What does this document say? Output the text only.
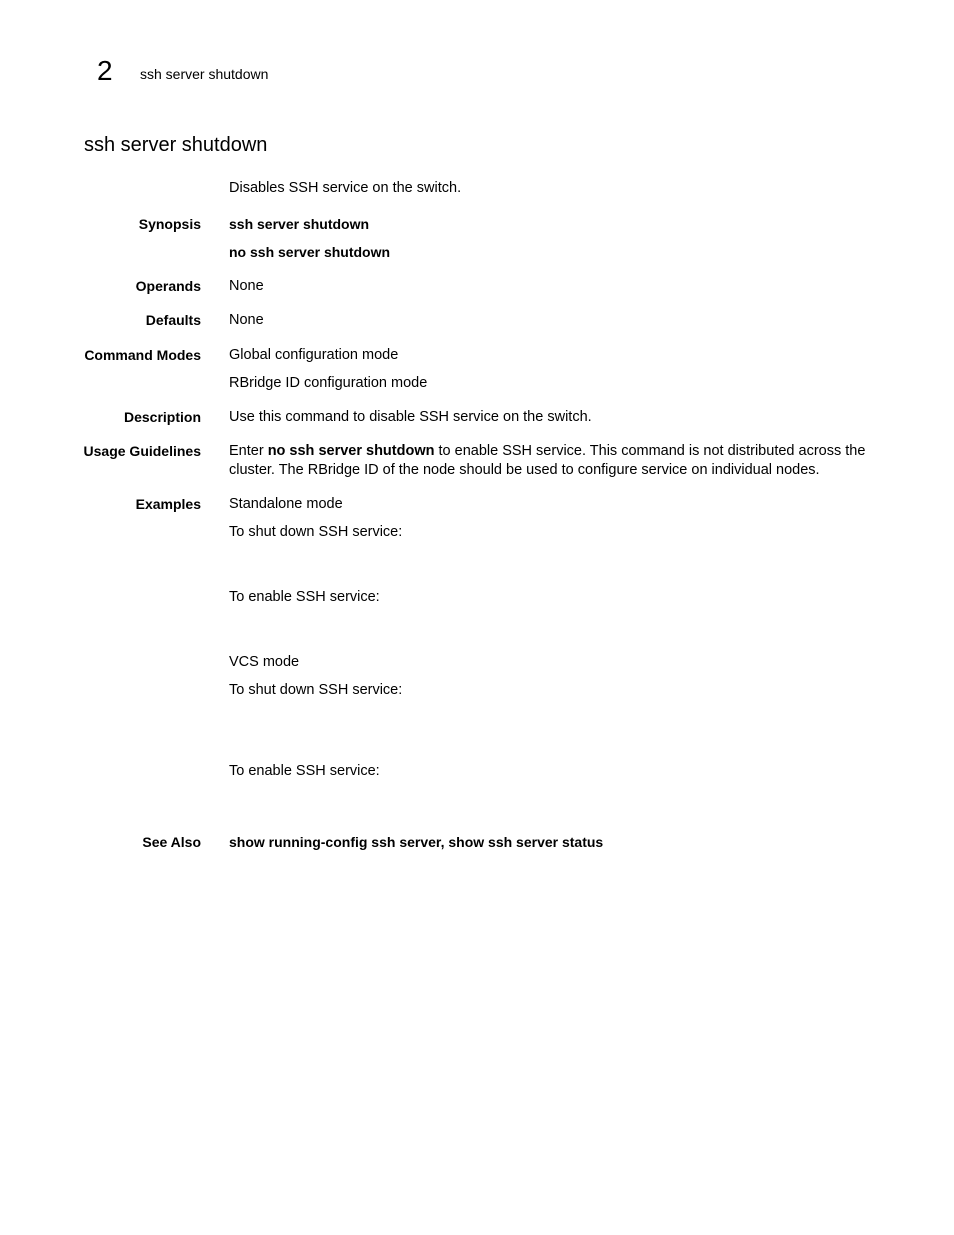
2 ssh server shutdown
ssh server shutdown
Disables SSH service on the switch.
Synopsis ssh server shutdown
no ssh server shutdown
Operands None
Defaults None
Command Modes Global configuration mode
RBridge ID configuration mode
Description Use this command to disable SSH service on the switch.
Usage Guidelines Enter no ssh server shutdown to enable SSH service. This command is not distributed across the cluster. The RBridge ID of the node should be used to configure service on individual nodes.
Examples Standalone mode
To shut down SSH service:
To enable SSH service:
VCS mode
To shut down SSH service:
To enable SSH service:
See Also show running-config ssh server, show ssh server status
